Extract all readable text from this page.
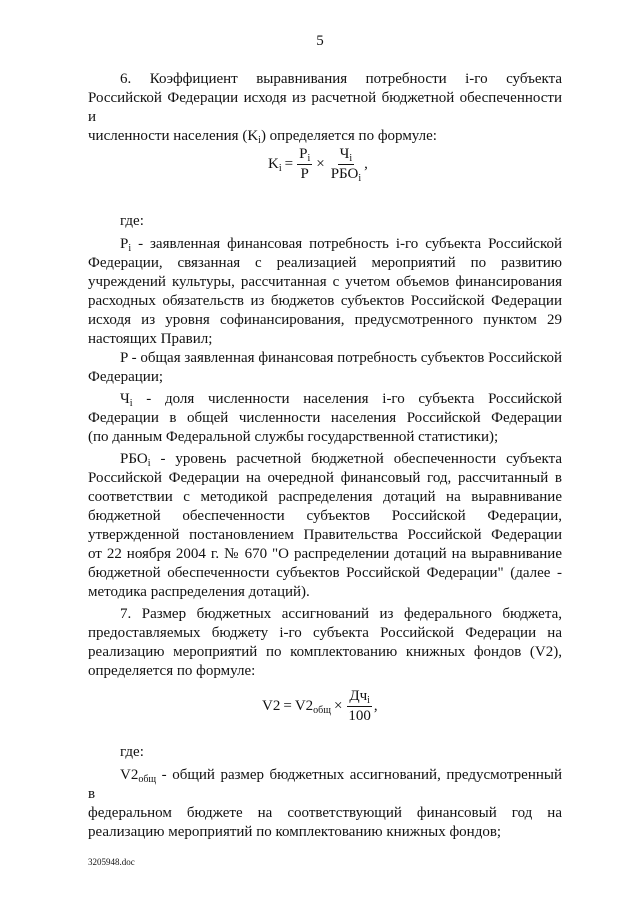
5

6. Коэффициент выравнивания потребности i-го субъекта

Российской Федерации исходя из расчетной бюджетной обеспеченности и

численности населения $(K_i)$ определяется по формуле:

$K_i = \frac{P_i}{P} \times \frac{Ч_i}{РБО_i}$ ,

где:

$P_i$ - заявленная финансовая потребность i-го субъекта Российской

Федерации, связанная с реализацией мероприятий по развитию

учреждений культуры, рассчитанная с учетом объемов финансирования

расходных обязательств из бюджетов субъектов Российской Федерации

исходя из уровня софинансирования, предусмотренного пунктом 29

настоящих Правил;

P - общая заявленная финансовая потребность субъектов Российской

Федерации;

$Ч_i$ - доля численности населения i-го субъекта Российской

Федерации в общей численности населения Российской Федерации

(по данным Федеральной службы государственной статистики);

$РБО_i$ - уровень расчетной бюджетной обеспеченности субъекта

Российской Федерации на очередной финансовый год, рассчитанный в

соответствии с методикой распределения дотаций на выравнивание

бюджетной обеспеченности субъектов Российской Федерации,

утвержденной постановлением Правительства Российской Федерации

от 22 ноября 2004 г. № 670 "О распределении дотаций на выравнивание

бюджетной обеспеченности субъектов Российской Федерации" (далее -

методика распределения дотаций).

7. Размер бюджетных ассигнований из федерального бюджета,

предоставляемых бюджету i-го субъекта Российской Федерации на

реализацию мероприятий по комплектованию книжных фондов (V2),

определяется по формуле:

$V2 = V2_{общ} \times \frac{Дч_i}{100}$ ,

где:

$V2_{общ}$ - общий размер бюджетных ассигнований, предусмотренный в

федеральном бюджете на соответствующий финансовый год на

реализацию мероприятий по комплектованию книжных фондов;

3205948.doc
